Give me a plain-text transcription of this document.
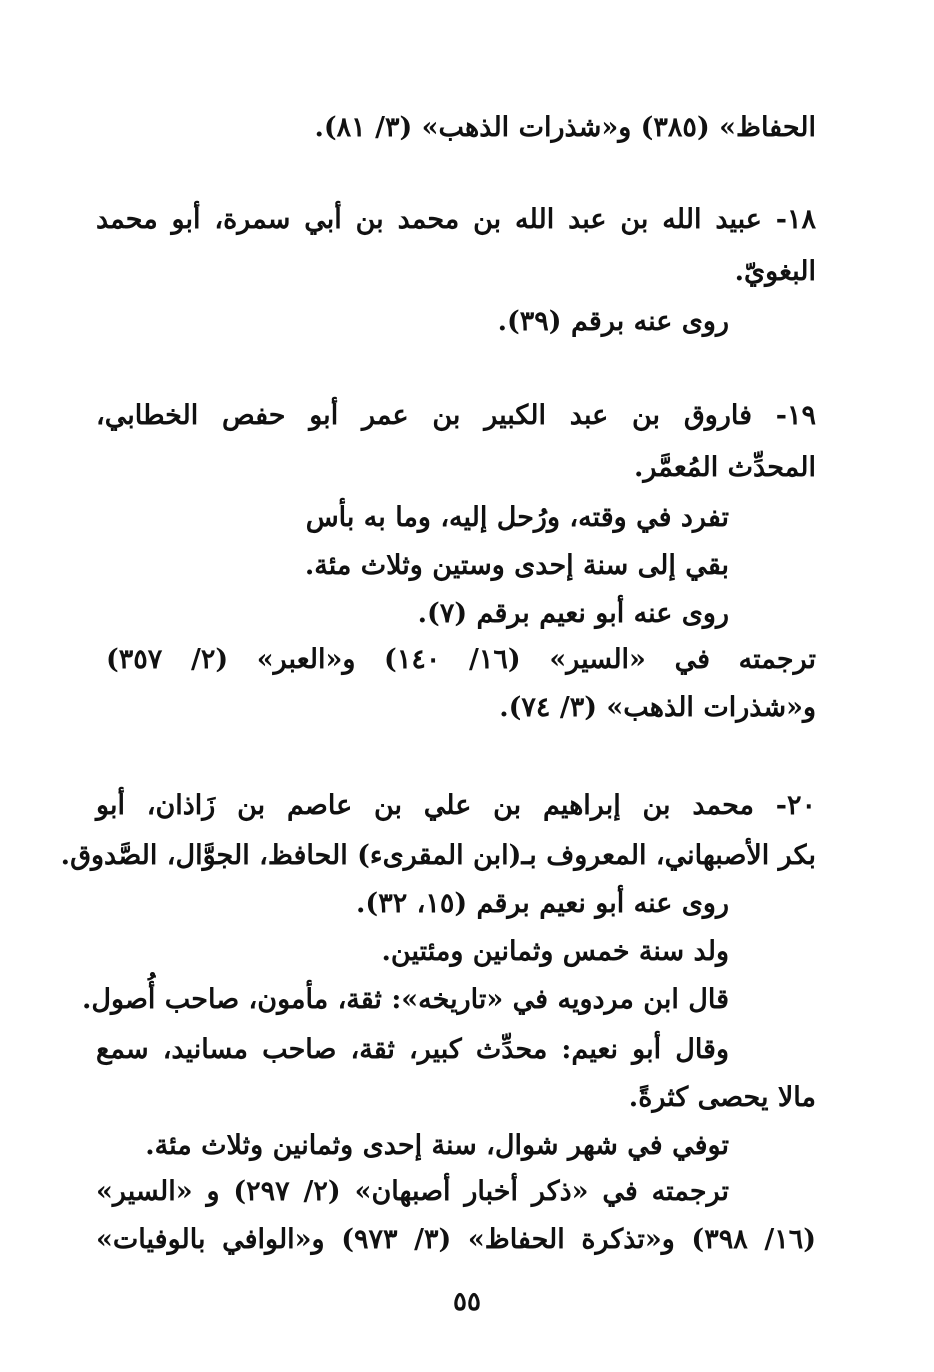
الحفاظ» (٣٨٥) و«شذرات الذهب» (٣/ ٨١).
١٨- عبيد الله بن عبد الله بن محمد بن أبي سمرة، أبو محمد
البغويّ.
روى عنه برقم (٣٩).
١٩- فاروق بن عبد الكبير بن عمر أبو حفص الخطابي،
المحدِّث المُعمَّر.
تفرد في وقته، ورُحل إليه، وما به بأس
بقي إلى سنة إحدى وستين وثلاث مئة.
روى عنه أبو نعيم برقم (٧).
ترجمته في «السير» (١٦/ ١٤٠) و«العبر» (٢/ ٣٥٧)
و«شذرات الذهب» (٣/ ٧٤).
٢٠- محمد بن إبراهيم بن علي بن عاصم بن زَاذان، أبو
بكر الأصبهاني، المعروف بـ(ابن المقرىء) الحافظ، الجوَّال، الصَّدوق.
روى عنه أبو نعيم برقم (١٥، ٣٢).
ولد سنة خمس وثمانين ومئتين.
قال ابن مردويه في «تاريخه»: ثقة، مأمون، صاحب أُصول.
وقال أبو نعيم: محدِّث كبير، ثقة، صاحب مسانيد، سمع
مالا يحصى كثرةً.
توفي في شهر شوال، سنة إحدى وثمانين وثلاث مئة.
ترجمته في «ذكر أخبار أصبهان» (٢/ ٢٩٧) و «السير»
(١٦/ ٣٩٨) و«تذكرة الحفاظ» (٣/ ٩٧٣) و«الوافي بالوفيات»
٥٥
